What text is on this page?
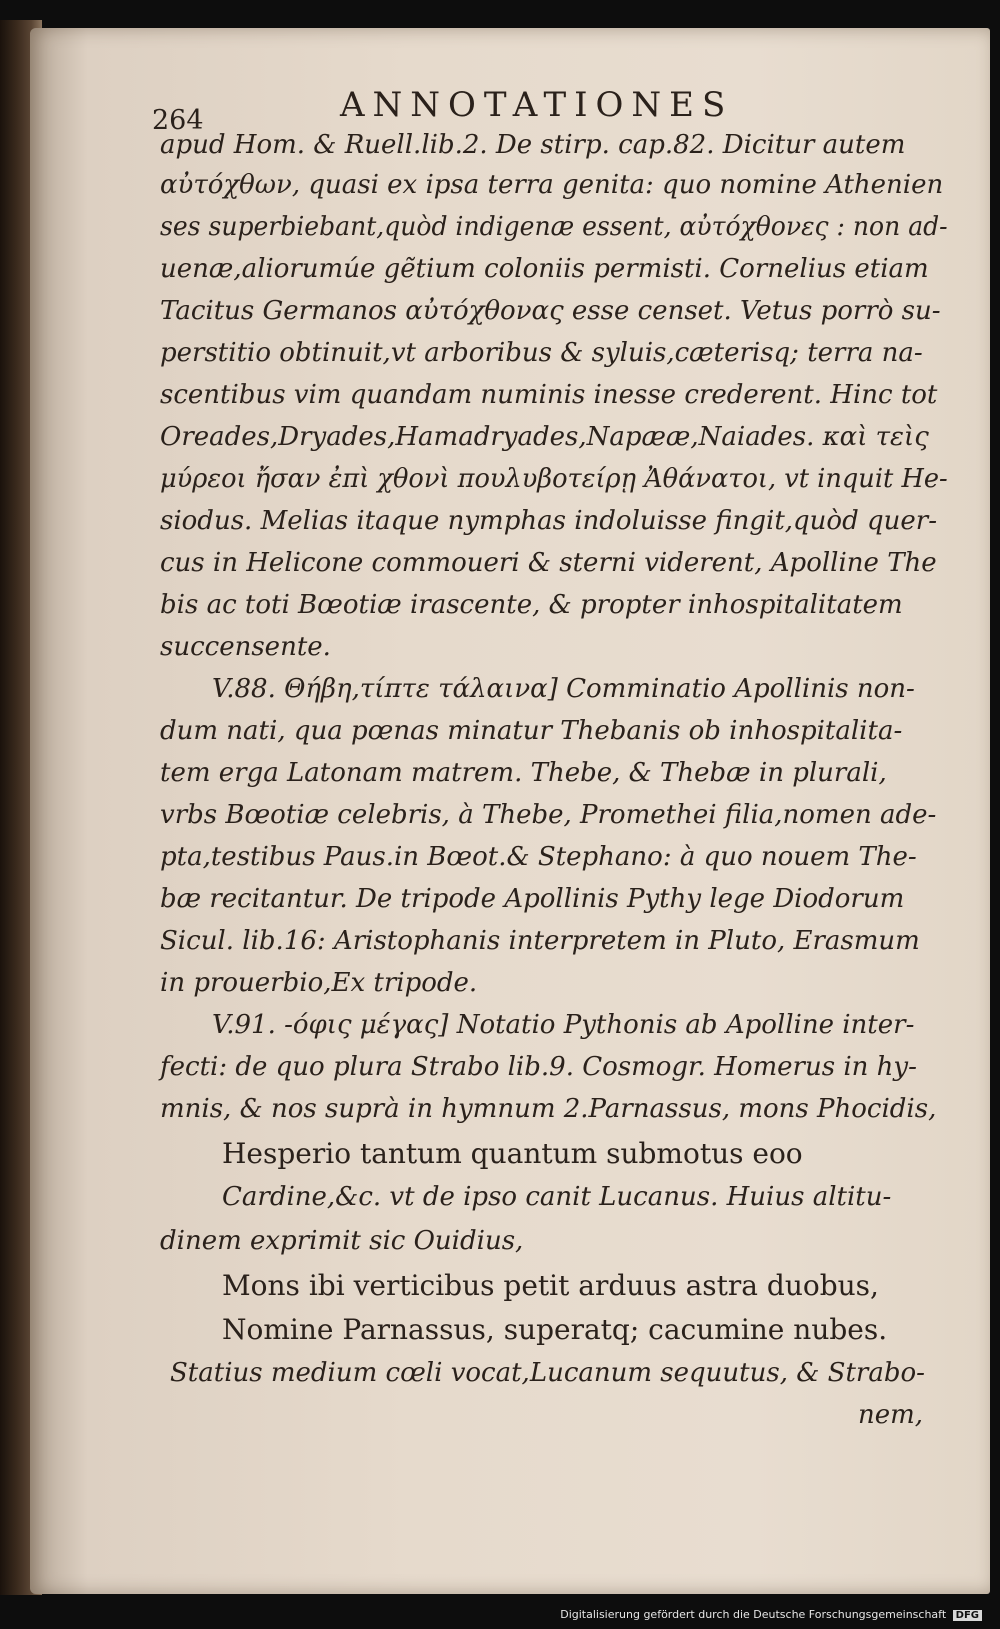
264	ANNOTATIONES
apud Hom. & Ruell.lib.2. De stirp. cap.82. Dicitur autem
αὐτόχθων, quasi ex ipsa terra genita: quo nomine Athenien
ses superbiebant,quòd indigenæ essent, αὐτόχθονες : non ad-
uenæ,aliorumúe gẽtium coloniis permisti. Cornelius etiam
Tacitus Germanos αὐτόχθονας esse censet. Vetus porrò su-
perstitio obtinuit,vt arboribus & syluis,cæterisq; terra na-
scentibus vim quandam numinis inesse crederent. Hinc tot
Oreades,Dryades,Hamadryades,Napææ,Naiades. καὶ τεὶς
μύρεοι ἤσαν ἐπὶ χθονὶ πουλυβοτείρῃ Ἀθάνατοι, vt inquit He-
siodus. Melias itaque nymphas indoluisse fingit,quòd quer-
cus in Helicone commoueri & sterni viderent, Apolline The
bis ac toti Bœotiæ irascente, & propter inhospitalitatem
succensente.
V.88. Θήβη,τίπτε τάλαινα] Comminatio Apollinis non-
dum nati, qua pœnas minatur Thebanis ob inhospitalita-
tem erga Latonam matrem. Thebe, & Thebæ in plurali,
vrbs Bœotiæ celebris, à Thebe, Promethei filia,nomen ade-
pta,testibus Paus.in Bœot.& Stephano: à quo nouem The-
bæ recitantur. De tripode Apollinis Pythy lege Diodorum
Sicul. lib.16: Aristophanis interpretem in Pluto, Erasmum
in prouerbio,Ex tripode.
V.91. -όφις μέγας] Notatio Pythonis ab Apolline inter-
fecti: de quo plura Strabo lib.9. Cosmogr. Homerus in hy-
mnis, & nos suprà in hymnum 2.Parnassus, mons Phocidis,
Hesperio tantum quantum submotus eoo
Cardine,&c. vt de ipso canit Lucanus. Huius altitu-
dinem exprimit sic Ouidius,
Mons ibi verticibus petit arduus astra duobus,
Nomine Parnassus, superatq; cacumine nubes.
Statius medium cœli vocat,Lucanum sequutus, & Strabo-
nem,
Digitalisierung gefördert durch die Deutsche Forschungsgemeinschaft DFG
